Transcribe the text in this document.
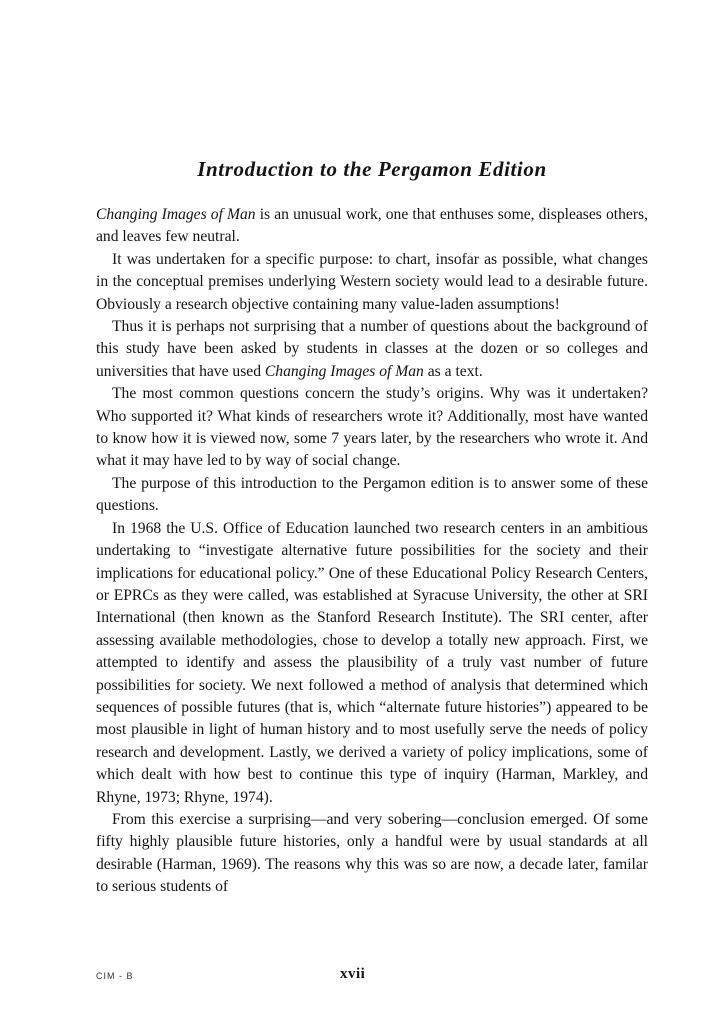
Introduction to the Pergamon Edition

Changing Images of Man is an unusual work, one that enthuses some, displeases others, and leaves few neutral.

It was undertaken for a specific purpose: to chart, insofar as possible, what changes in the conceptual premises underlying Western society would lead to a desirable future. Obviously a research objective containing many value-laden assumptions!

Thus it is perhaps not surprising that a number of questions about the background of this study have been asked by students in classes at the dozen or so colleges and universities that have used Changing Images of Man as a text.

The most common questions concern the study’s origins. Why was it undertaken? Who supported it? What kinds of researchers wrote it? Additionally, most have wanted to know how it is viewed now, some 7 years later, by the researchers who wrote it. And what it may have led to by way of social change.

The purpose of this introduction to the Pergamon edition is to answer some of these questions.

In 1968 the U.S. Office of Education launched two research centers in an ambitious undertaking to “investigate alternative future possibilities for the society and their implications for educational policy.” One of these Educational Policy Research Centers, or EPRCs as they were called, was established at Syracuse University, the other at SRI International (then known as the Stanford Research Institute). The SRI center, after assessing available methodologies, chose to develop a totally new approach. First, we attempted to identify and assess the plausibility of a truly vast number of future possibilities for society. We next followed a method of analysis that determined which sequences of possible futures (that is, which “alternate future histories”) appeared to be most plausible in light of human history and to most usefully serve the needs of policy research and development. Lastly, we derived a variety of policy implications, some of which dealt with how best to continue this type of inquiry (Harman, Markley, and Rhyne, 1973; Rhyne, 1974).

From this exercise a surprising—and very sobering—conclusion emerged. Of some fifty highly plausible future histories, only a handful were by usual standards at all desirable (Harman, 1969). The reasons why this was so are now, a decade later, familar to serious students of

CIM - B	xvii
